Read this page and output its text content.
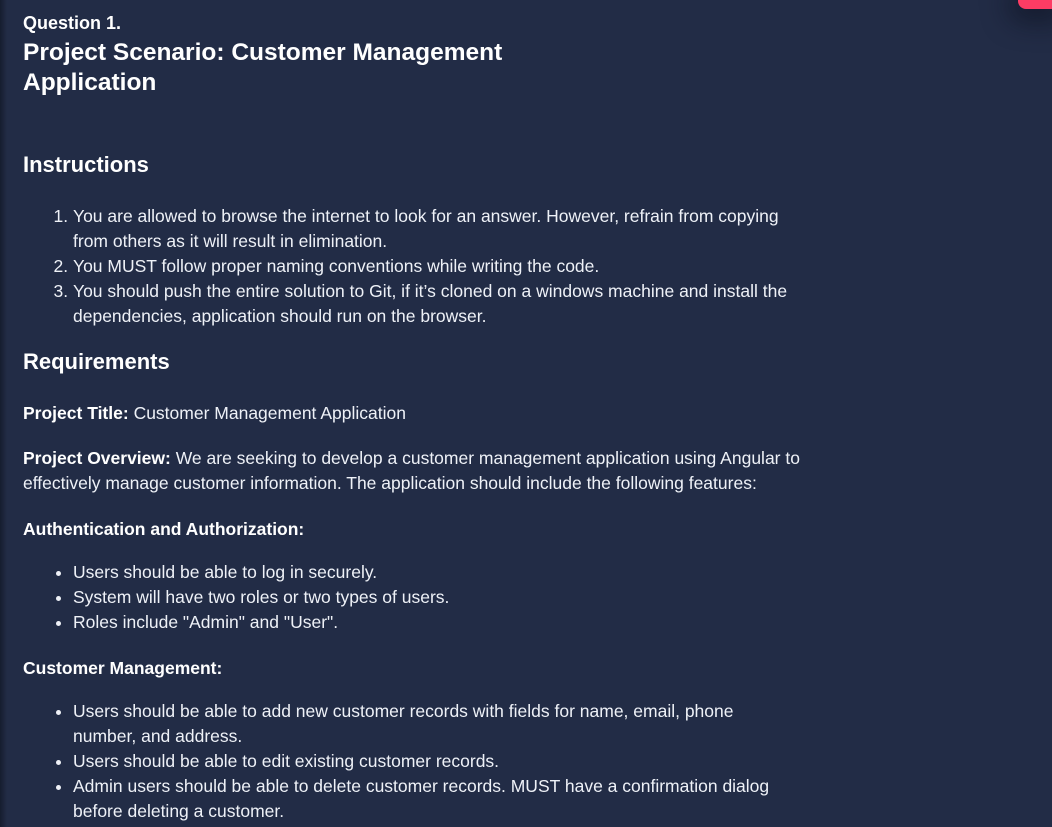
Question 1.
Project Scenario: Customer Management Application
Instructions
1. You are allowed to browse the internet to look for an answer. However, refrain from copying from others as it will result in elimination.
2. You MUST follow proper naming conventions while writing the code.
3. You should push the entire solution to Git, if it’s cloned on a windows machine and install the dependencies, application should run on the browser.
Requirements

Project Title: Customer Management Application

Project Overview: We are seeking to develop a customer management application using Angular to effectively manage customer information. The application should include the following features:

Authentication and Authorization:

• Users should be able to log in securely.
• System will have two roles or two types of users.
• Roles include "Admin" and "User".

Customer Management:

• Users should be able to add new customer records with fields for name, email, phone number, and address.
• Users should be able to edit existing customer records.
• Admin users should be able to delete customer records. MUST have a confirmation dialog before deleting a customer.
